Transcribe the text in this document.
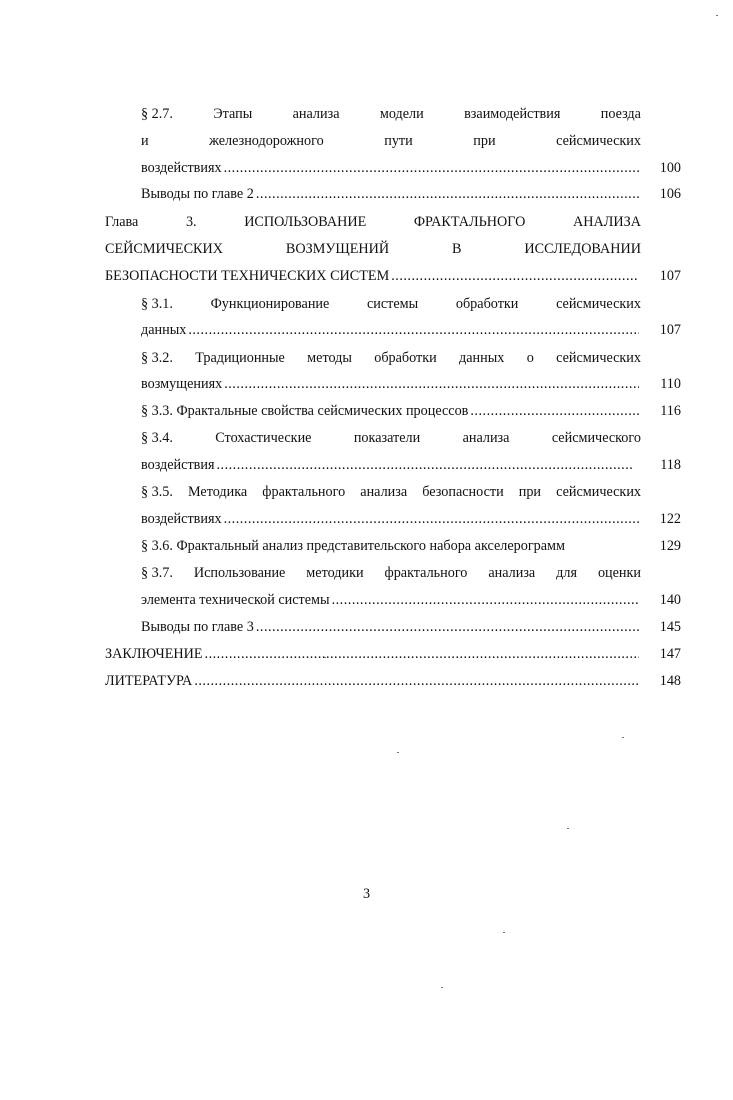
§ 2.7.	Этапы	анализа	модели	взаимодействия	поезда
и	железнодорожного	пути	при	сейсмических
воздействиях .....	100
Выводы по главе 2 .....	106
Глава	3.	ИСПОЛЬЗОВАНИЕ	ФРАКТАЛЬНОГО	АНАЛИЗА
СЕЙСМИЧЕСКИХ	ВОЗМУЩЕНИЙ	В	ИССЛЕДОВАНИИ
БЕЗОПАСНОСТИ ТЕХНИЧЕСКИХ СИСТЕМ .....	107
§ 3.1.	Функционирование	системы	обработки	сейсмических
данных .....	107
§ 3.2. Традиционные методы обработки данных о сейсмических
возмущениях .....	110
§ 3.3. Фрактальные свойства сейсмических процессов .....	116
§ 3.4.	Стохастические	показатели	анализа	сейсмического
воздействия .....	118
§ 3.5. Методика фрактального анализа безопасности при сейсмических
воздействиях .....	122
§ 3.6. Фрактальный анализ представительского набора акселерограмм	129
§ 3.7. Использование методики фрактального анализа для оценки
элемента технической системы .....	140
Выводы по главе 3 .....	145
ЗАКЛЮЧЕНИЕ .....	147
ЛИТЕРАТУРА .....	148
3
